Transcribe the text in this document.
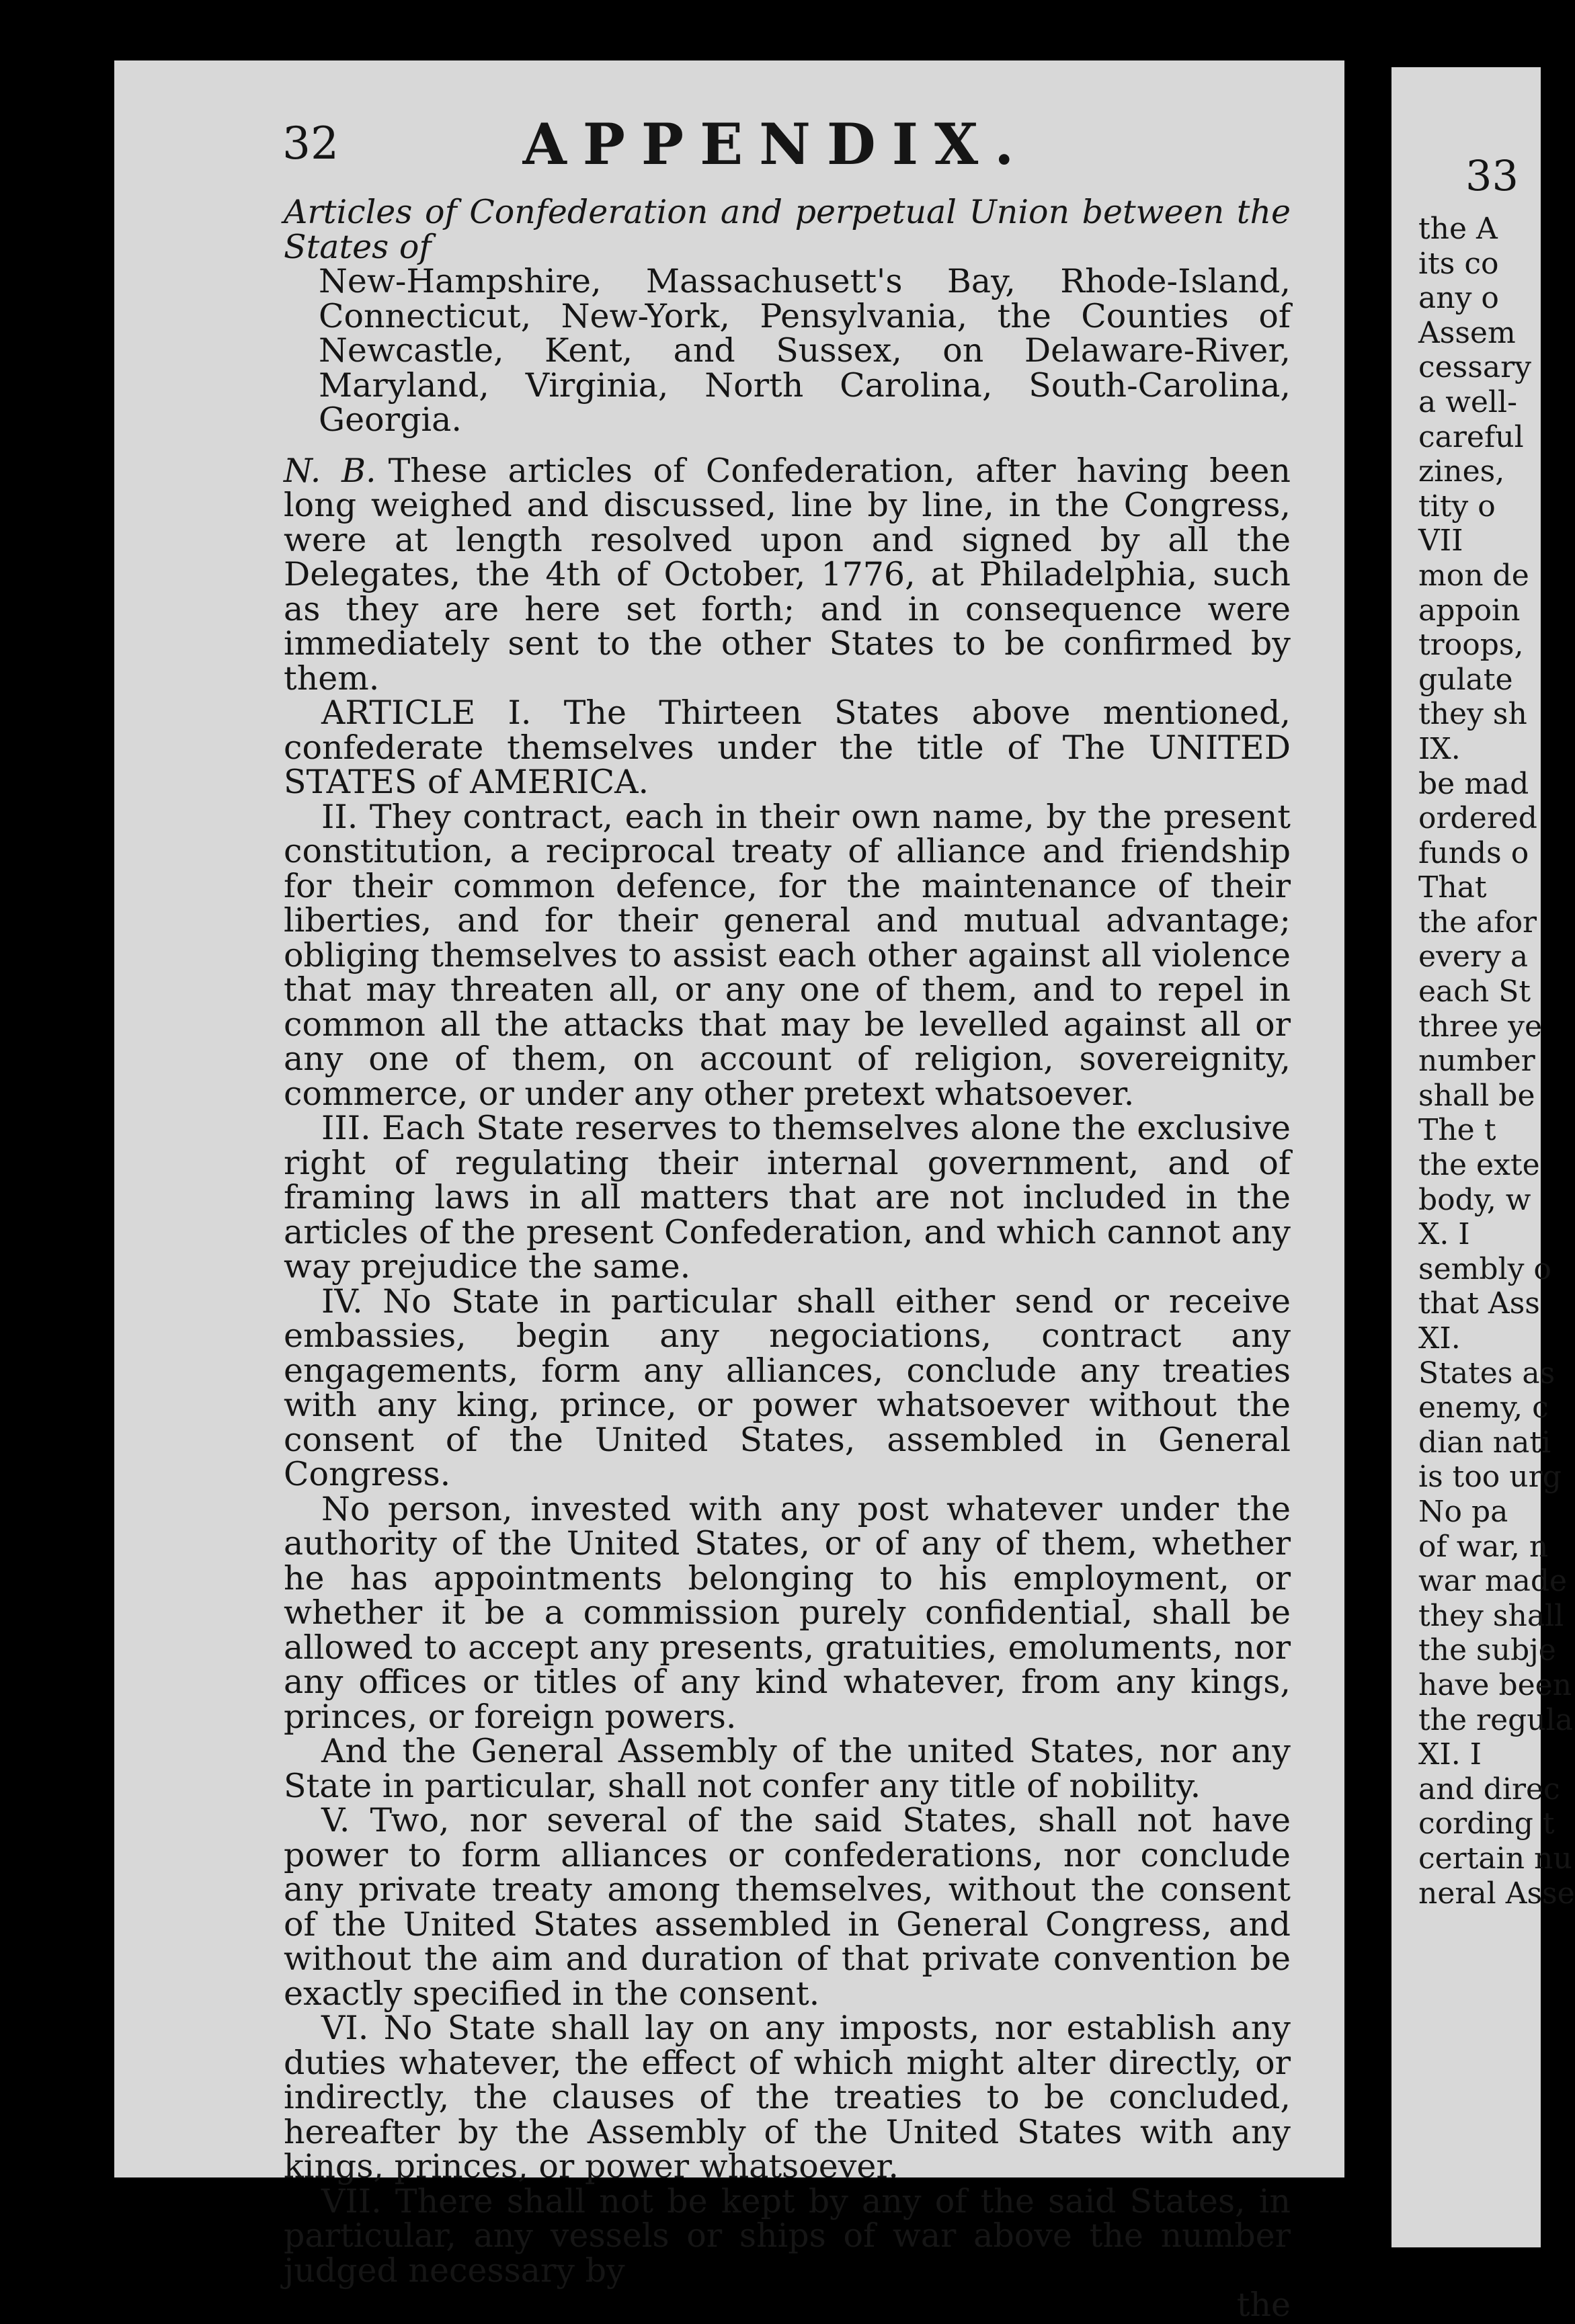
32	APPENDIX.

Articles of Confederation and perpetual Union between the States of

New-Hampshire, Massachusett's Bay, Rhode-Island, Connecticut, New-York, Pensylvania, the Counties of Newcastle, Kent, and Sussex, on Delaware-River, Maryland, Virginia, North Carolina, South-Carolina, Georgia.

N. B. These articles of Confederation, after having been long weighed and discussed, line by line, in the Congress, were at length resolved upon and signed by all the Delegates, the 4th of October, 1776, at Philadelphia, such as they are here set forth; and in consequence were immediately sent to the other States to be confirmed by them.

ARTICLE I. The Thirteen States above mentioned, confederate themselves under the title of The UNITED STATES of AMERICA.

II. They contract, each in their own name, by the present constitution, a reciprocal treaty of alliance and friendship for their common defence, for the maintenance of their liberties, and for their general and mutual advantage; obliging themselves to assist each other against all violence that may threaten all, or any one of them, and to repel in common all the attacks that may be levelled against all or any one of them, on account of religion, sovereignity, commerce, or under any other pretext whatsoever.

III. Each State reserves to themselves alone the exclusive right of regulating their internal government, and of framing laws in all matters that are not included in the articles of the present Confederation, and which cannot any way prejudice the same.

IV. No State in particular shall either send or receive embassies, begin any negociations, contract any engagements, form any alliances, conclude any treaties with any king, prince, or power whatsoever without the consent of the United States, assembled in General Congress.

No person, invested with any post whatever under the authority of the United States, or of any of them, whether he has appointments belonging to his employment, or whether it be a commission purely confidential, shall be allowed to accept any presents, gratuities, emoluments, nor any offices or titles of any kind whatever, from any kings, princes, or foreign powers.

And the General Assembly of the united States, nor any State in particular, shall not confer any title of nobility.

V. Two, nor several of the said States, shall not have power to form alliances or confederations, nor conclude any private treaty among themselves, without the consent of the United States assembled in General Congress, and without the aim and duration of that private convention be exactly specified in the consent.

VI. No State shall lay on any imposts, nor establish any duties whatever, the effect of which might alter directly, or indirectly, the clauses of the treaties to be concluded, hereafter by the Assembly of the United States with any kings, princes, or power whatsoever.

VII. There shall not be kept by any of the said States, in particular, any vessels or ships of war above the number judged necessary by

the

33
the A
its co
any o
Assem
cessary
a well-
careful
zines,
tity o
VII
mon de
appoin
troops,
gulate
they sh
IX.
be mad
ordered
funds o
That
the afor
every a
each St
three ye
number
shall be
The t
the exte
body, w
X. I
sembly o
that Ass
XI.
States as
enemy, c
dian nati
is too urg
No pa
of war, n
war made
they shall
the subje
have been
the regula
XI. I
and direc
cording t
certain nu
neral Asse
